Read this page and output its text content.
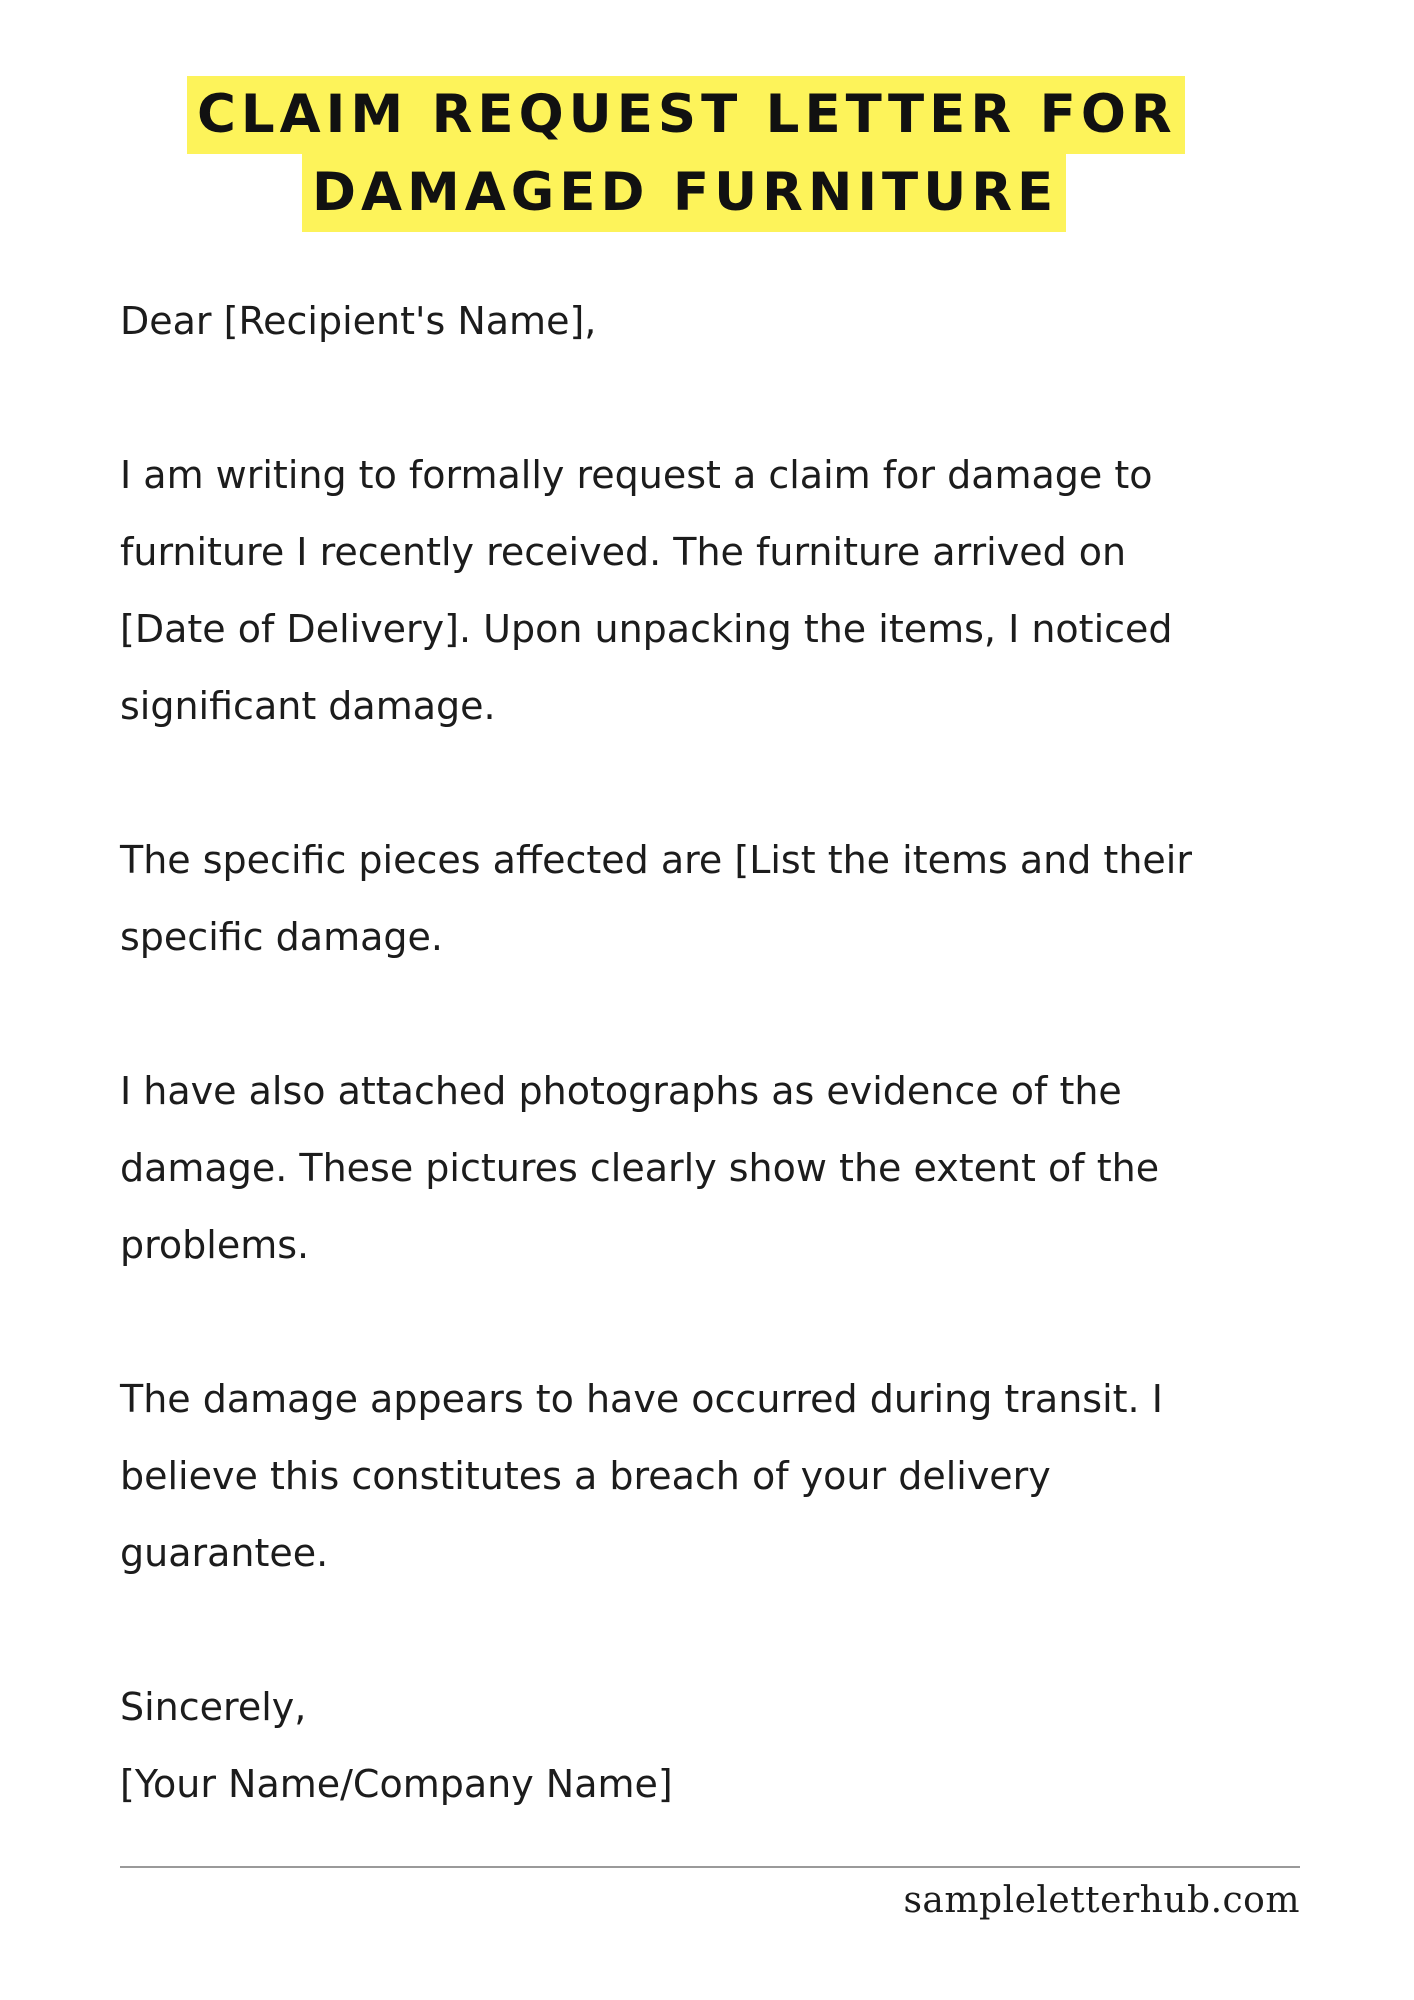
CLAIM REQUEST LETTER FOR
DAMAGED FURNITURE

Dear [Recipient's Name],

I am writing to formally request a claim for damage to
furniture I recently received. The furniture arrived on
[Date of Delivery]. Upon unpacking the items, I noticed
significant damage.

The specific pieces affected are [List the items and their
specific damage.

I have also attached photographs as evidence of the
damage. These pictures clearly show the extent of the
problems.

The damage appears to have occurred during transit. I
believe this constitutes a breach of your delivery
guarantee.

Sincerely,

[Your Name/Company Name]

sampleletterhub.com
